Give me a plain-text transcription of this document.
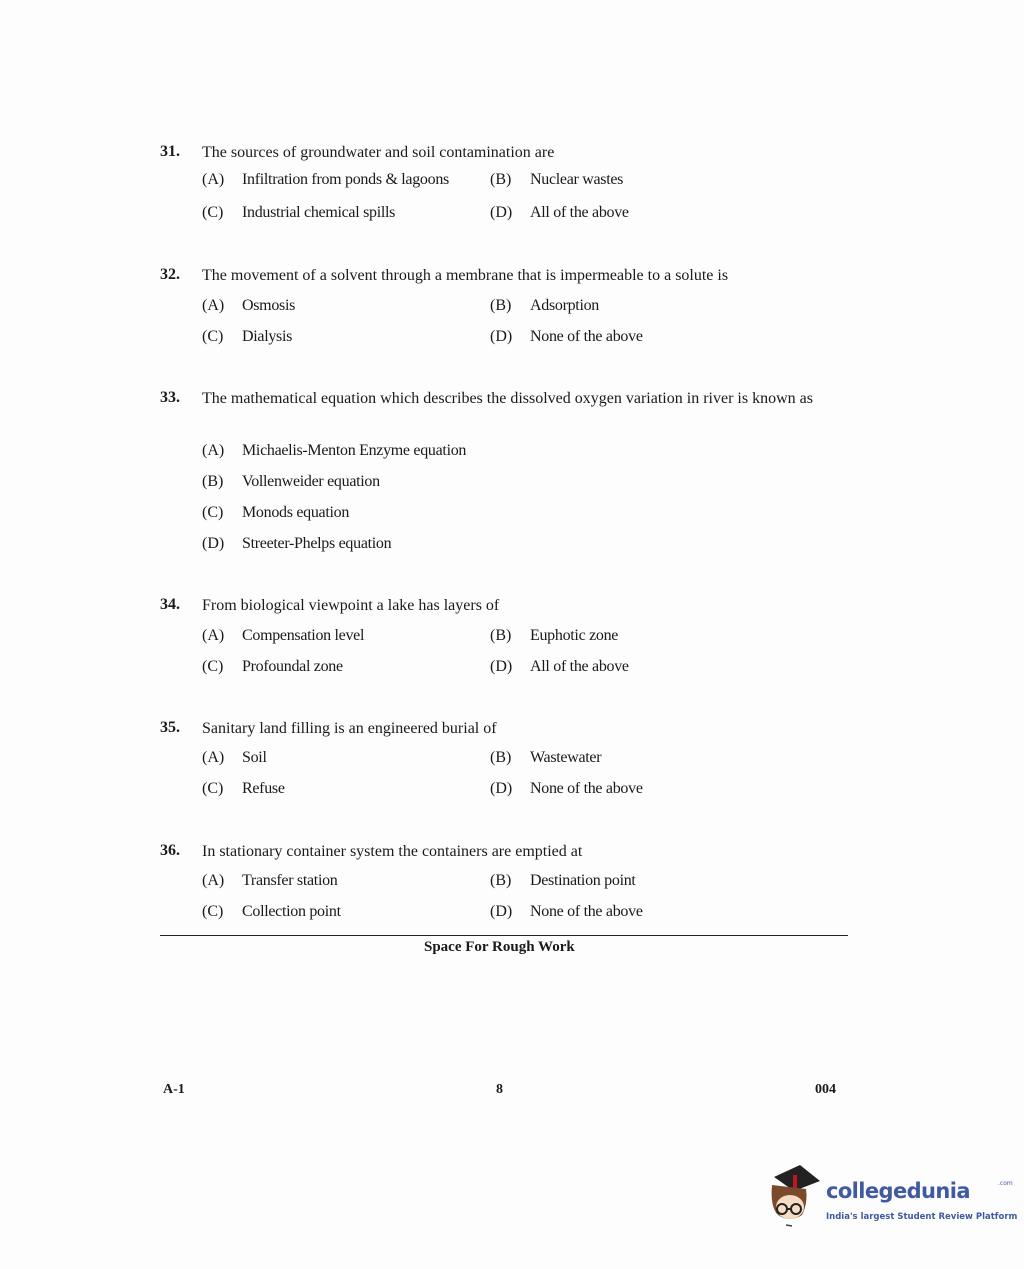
31. The sources of groundwater and soil contamination are
(A) Infiltration from ponds & lagoons	(B) Nuclear wastes
(C) Industrial chemical spills	(D) All of the above
32. The movement of a solvent through a membrane that is impermeable to a solute is
(A) Osmosis	(B) Adsorption
(C) Dialysis	(D) None of the above
33. The mathematical equation which describes the dissolved oxygen variation in river is known as
(A) Michaelis-Menton Enzyme equation
(B) Vollenweider equation
(C) Monods equation
(D) Streeter-Phelps equation
34. From biological viewpoint a lake has layers of
(A) Compensation level	(B) Euphotic zone
(C) Profoundal zone	(D) All of the above
35. Sanitary land filling is an engineered burial of
(A) Soil	(B) Wastewater
(C) Refuse	(D) None of the above
36. In stationary container system the containers are emptied at
(A) Transfer station	(B) Destination point
(C) Collection point	(D) None of the above
Space For Rough Work
A-1	8	004
collegedunia	.com
India's largest Student Review Platform
